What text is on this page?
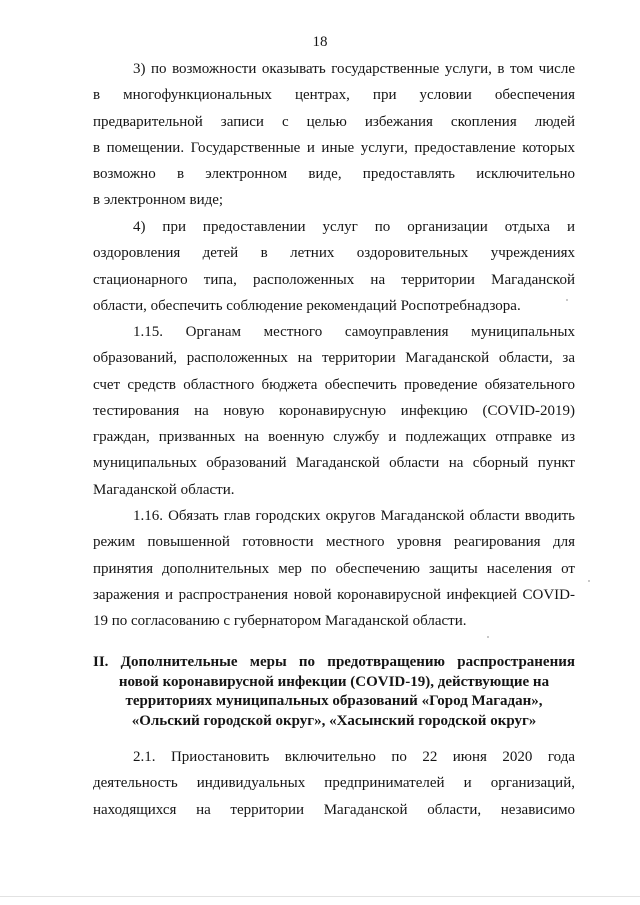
18
3) по возможности оказывать государственные услуги, в том числе
в многофункциональных центрах, при условии обеспечения
предварительной записи с целью избежания скопления людей
в помещении. Государственные и иные услуги, предоставление которых
возможно в электронном виде, предоставлять исключительно
в электронном виде;
4) при предоставлении услуг по организации отдыха и
оздоровления детей в летних оздоровительных учреждениях
стационарного типа, расположенных на территории Магаданской
области, обеспечить соблюдение рекомендаций Роспотребнадзора.
1.15. Органам местного самоуправления муниципальных
образований, расположенных на территории Магаданской области, за
счет средств областного бюджета обеспечить проведение обязательного
тестирования на новую коронавирусную инфекцию (COVID-2019)
граждан, призванных на военную службу и подлежащих отправке из
муниципальных образований Магаданской области на сборный пункт
Магаданской области.
1.16. Обязать глав городских округов Магаданской области вводить
режим повышенной готовности местного уровня реагирования для
принятия дополнительных мер по обеспечению защиты населения от
заражения и распространения новой коронавирусной инфекцией COVID-
19 по согласованию с губернатором Магаданской области.
II. Дополнительные меры по предотвращению распространения
новой коронавирусной инфекции (COVID-19), действующие на
территориях муниципальных образований «Город Магадан»,
«Ольский городской округ», «Хасынский городской округ»
2.1. Приостановить включительно по 22 июня 2020 года
деятельность индивидуальных предпринимателей и организаций,
находящихся на территории Магаданской области, независимо
